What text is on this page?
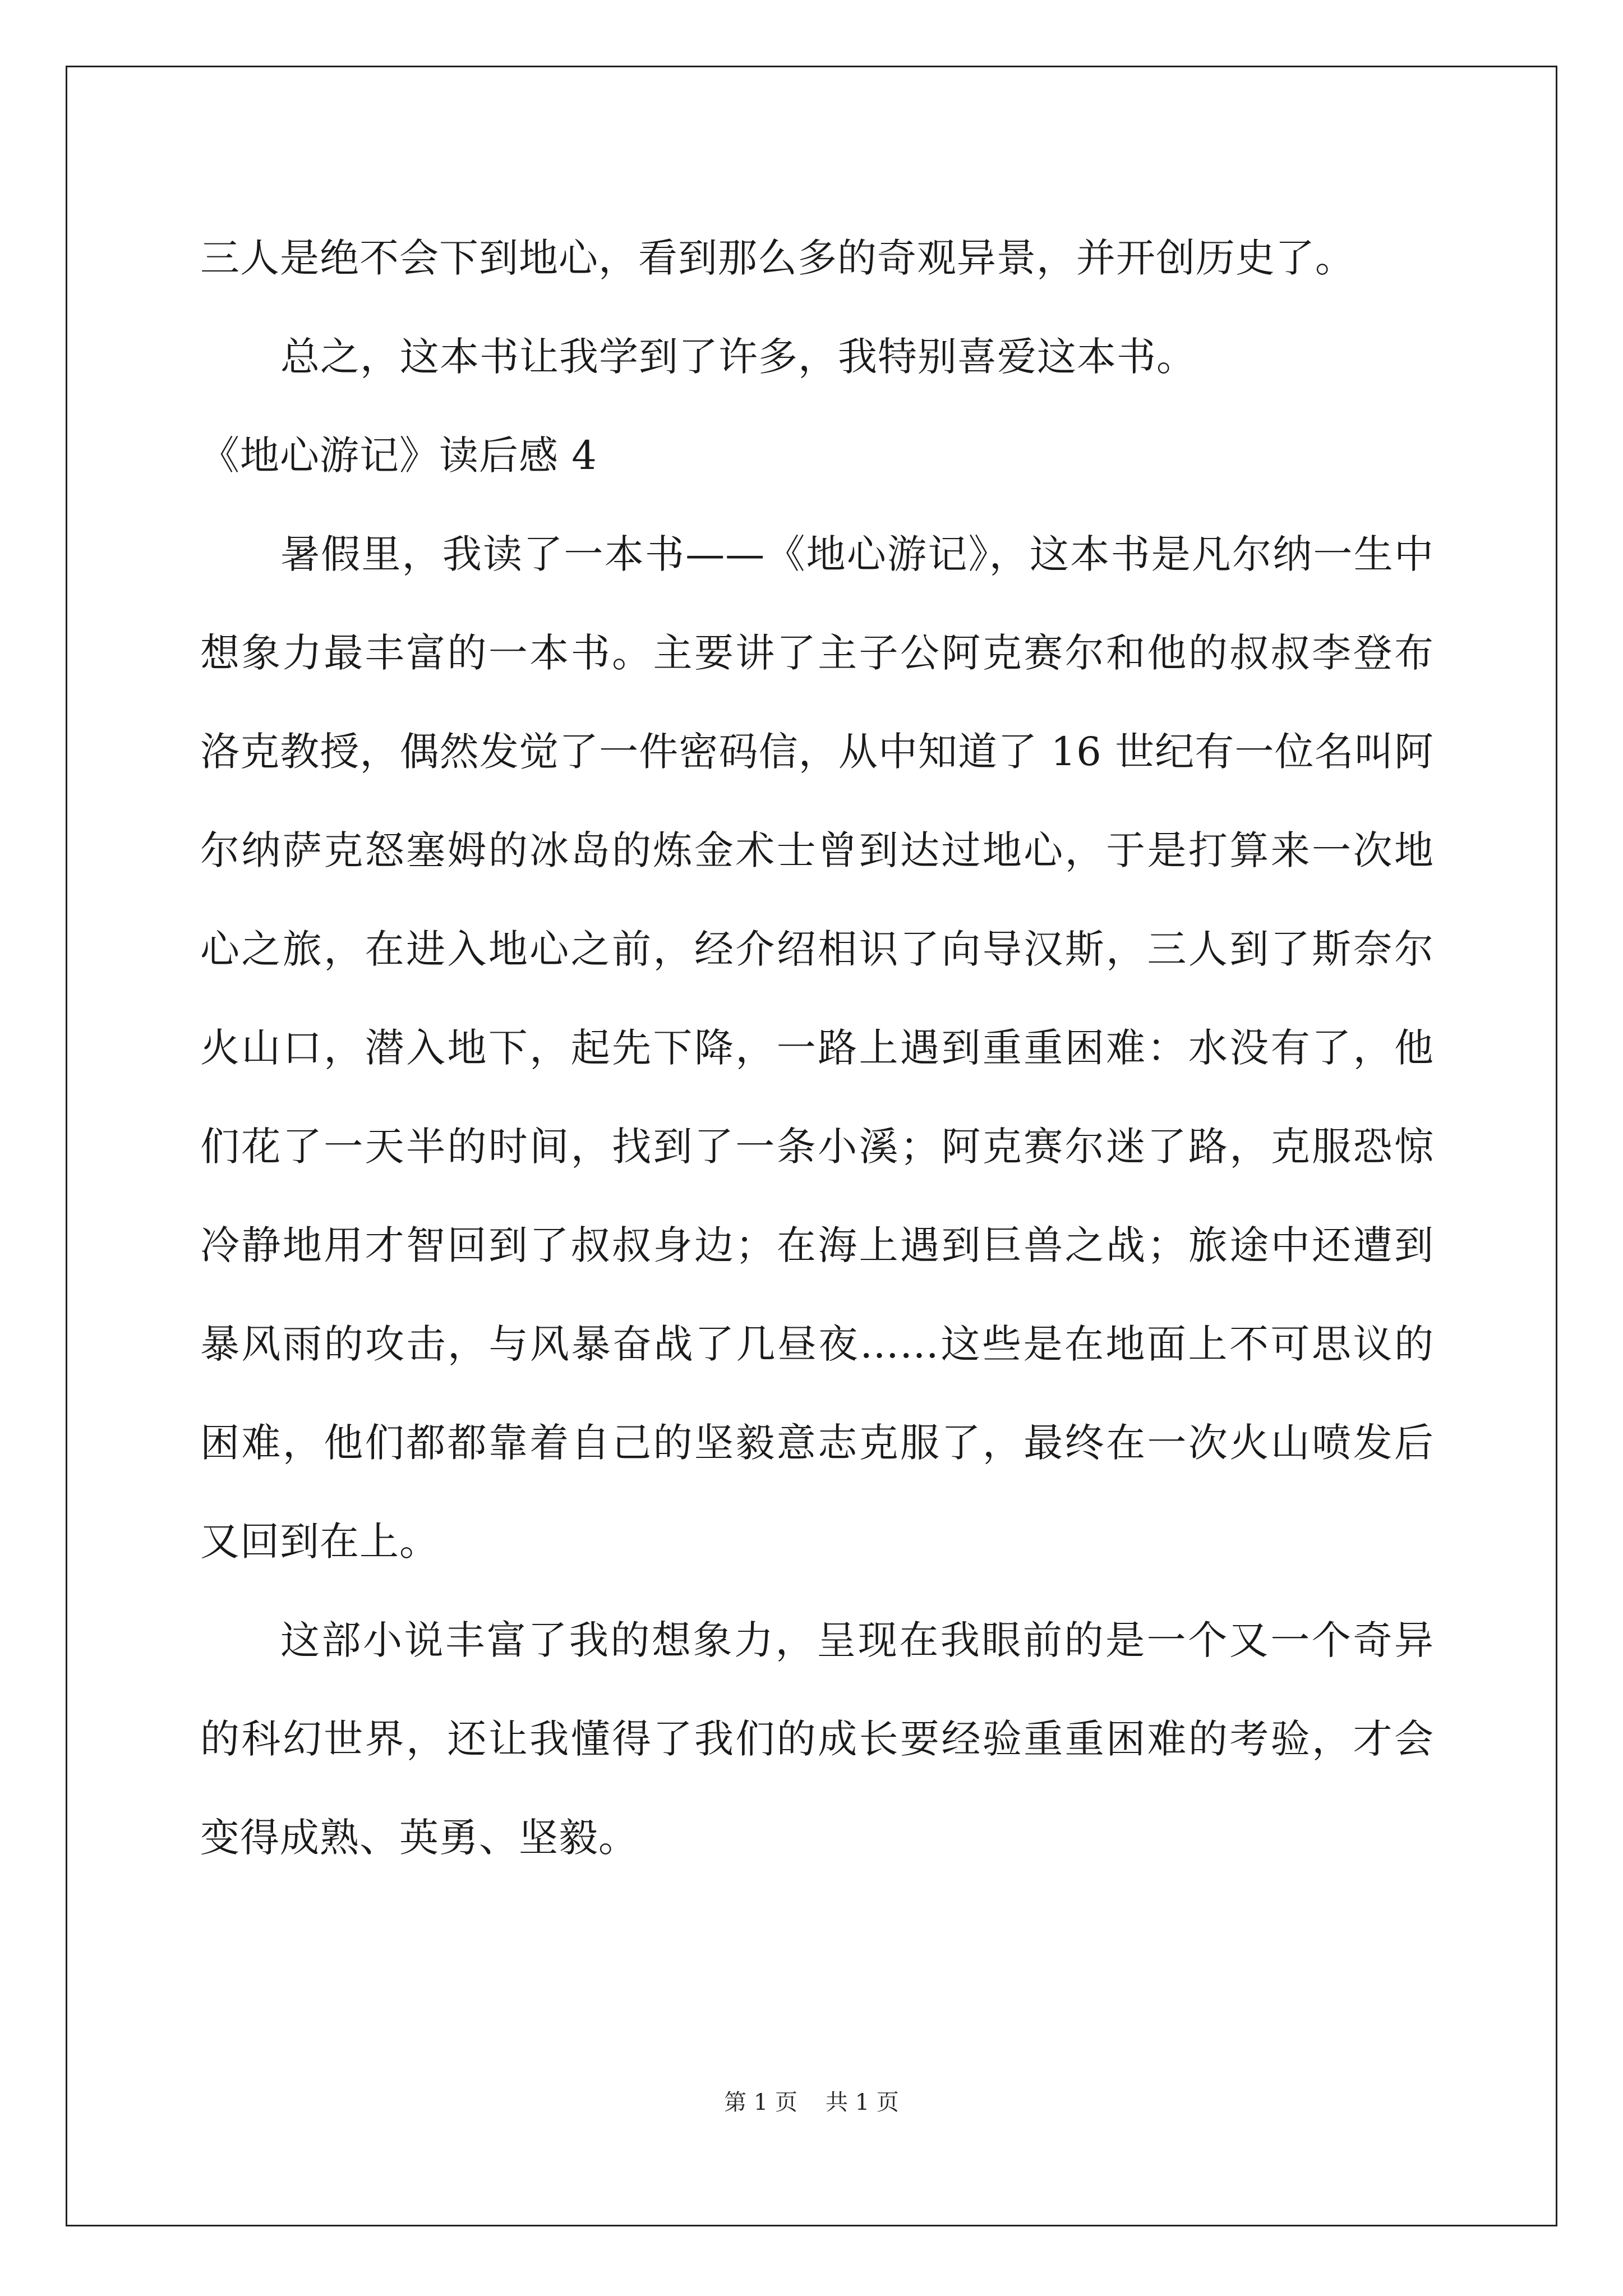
三人是绝不会下到地心，看到那么多的奇观异景，并开创历史了。
总之，这本书让我学到了许多，我特别喜爱这本书。
《地心游记》读后感 4
暑假里，我读了一本书——《地心游记》，这本书是凡尔纳一生中
想象力最丰富的一本书。主要讲了主子公阿克赛尔和他的叔叔李登布
洛克教授，偶然发觉了一件密码信，从中知道了 16 世纪有一位名叫阿
尔纳萨克怒塞姆的冰岛的炼金术士曾到达过地心，于是打算来一次地
心之旅，在进入地心之前，经介绍相识了向导汉斯，三人到了斯奈尔
火山口，潜入地下，起先下降，一路上遇到重重困难：水没有了，他
们花了一天半的时间，找到了一条小溪；阿克赛尔迷了路，克服恐惊
冷静地用才智回到了叔叔身边；在海上遇到巨兽之战；旅途中还遭到
暴风雨的攻击，与风暴奋战了几昼夜……这些是在地面上不可思议的
困难，他们都都靠着自己的坚毅意志克服了，最终在一次火山喷发后
又回到在上。
这部小说丰富了我的想象力，呈现在我眼前的是一个又一个奇异
的科幻世界，还让我懂得了我们的成长要经验重重困难的考验，才会
变得成熟、英勇、坚毅。
第 1 页 共 1 页
